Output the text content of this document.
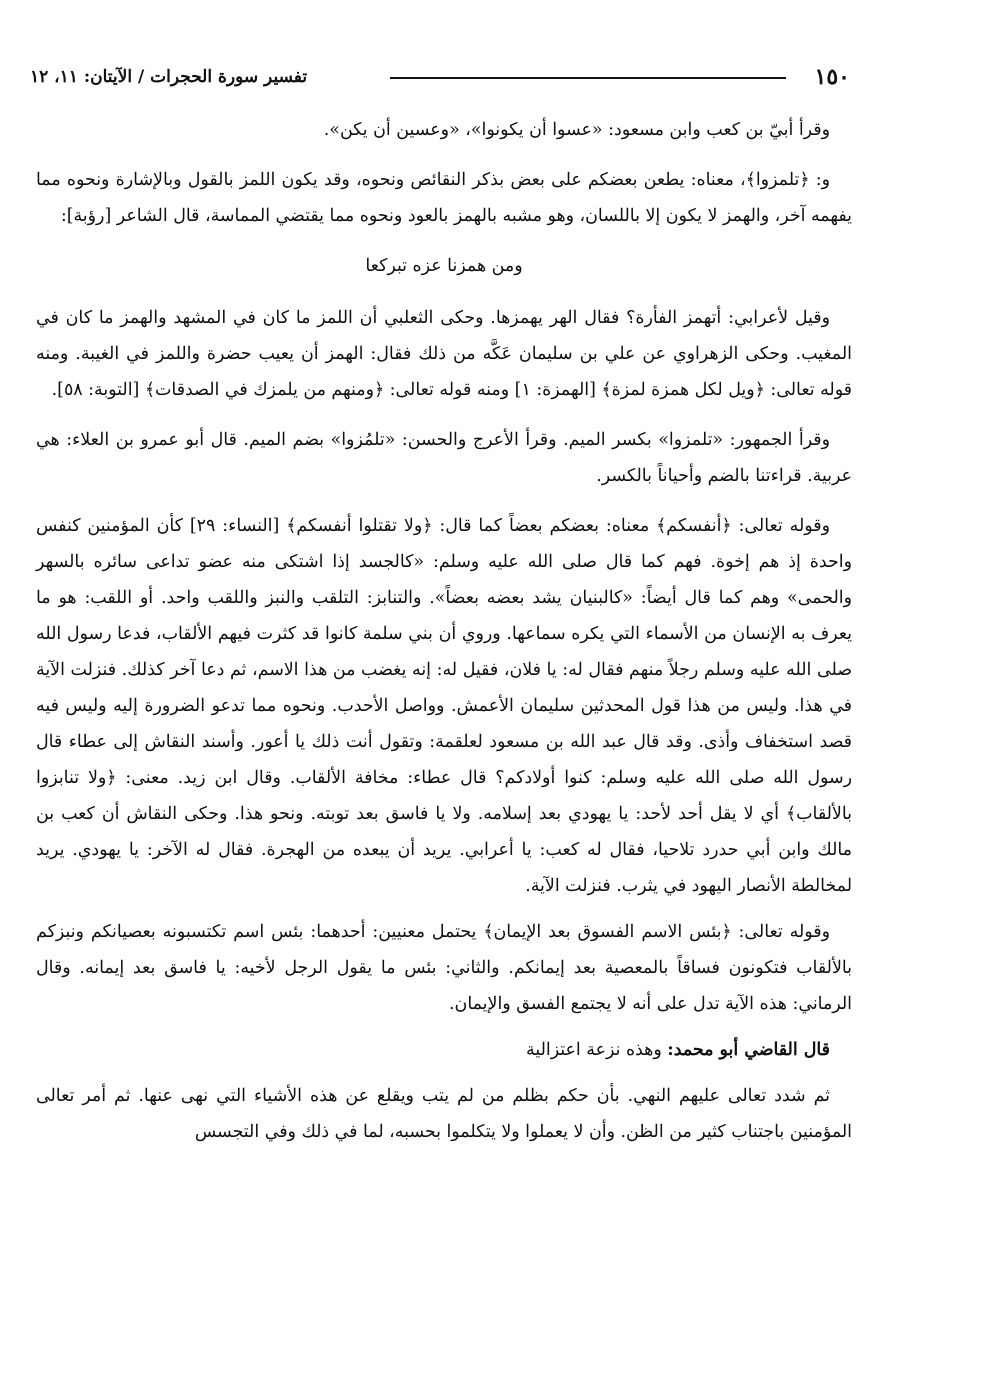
١٥٠
تفسير سورة الحجرات / الآيتان: ١١، ١٢

وقرأ أبيّ بن كعب وابن مسعود: «عسوا أن يكونوا»، «وعسين أن يكن».

و: ﴿تلمزوا﴾، معناه: يطعن بعضكم على بعض بذكر النقائص ونحوه، وقد يكون اللمز بالقول وبالإشارة ونحوه مما يفهمه آخر، والهمز لا يكون إلا باللسان، وهو مشبه بالهمز بالعود ونحوه مما يقتضي المماسة، قال الشاعر [رؤبة]:

ومن همزنا عزه تبركعا

وقيل لأعرابي: أتهمز الفأرة؟ فقال الهر يهمزها. وحكى الثعلبي أن اللمز ما كان في المشهد والهمز ما كان في المغيب. وحكى الزهراوي عن علي بن سليمان عَكَّه من ذلك فقال: الهمز أن يعيب حضرة واللمز في الغيبة. ومنه قوله تعالى: ﴿ويل لكل همزة لمزة﴾ [الهمزة: ١] ومنه قوله تعالى: ﴿ومنهم من يلمزك في الصدقات﴾ [التوبة: ٥٨].

وقرأ الجمهور: «تلمزوا» بكسر الميم. وقرأ الأعرج والحسن: «تلمُزوا» بضم الميم. قال أبو عمرو بن العلاء: هي عربية. قراءتنا بالضم وأحياناً بالكسر.

وقوله تعالى: ﴿أنفسكم﴾ معناه: بعضكم بعضاً كما قال: ﴿ولا تقتلوا أنفسكم﴾ [النساء: ٢٩] كأن المؤمنين كنفس واحدة إذ هم إخوة. فهم كما قال صلى الله عليه وسلم: «كالجسد إذا اشتكى منه عضو تداعى سائره بالسهر والحمى» وهم كما قال أيضاً: «كالبنيان يشد بعضه بعضاً». والتنابز: التلقب والنبز واللقب واحد. أو اللقب: هو ما يعرف به الإنسان من الأسماء التي يكره سماعها. وروي أن بني سلمة كانوا قد كثرت فيهم الألقاب، فدعا رسول الله صلى الله عليه وسلم رجلاً منهم فقال له: يا فلان، فقيل له: إنه يغضب من هذا الاسم، ثم دعا آخر كذلك. فنزلت الآية في هذا. وليس من هذا قول المحدثين سليمان الأعمش. وواصل الأحدب. ونحوه مما تدعو الضرورة إليه وليس فيه قصد استخفاف وأذى. وقد قال عبد الله بن مسعود لعلقمة: وتقول أنت ذلك يا أعور. وأسند النقاش إلى عطاء قال رسول الله صلى الله عليه وسلم: كنوا أولادكم؟ قال عطاء: مخافة الألقاب. وقال ابن زيد. معنى: ﴿ولا تنابزوا بالألقاب﴾ أي لا يقل أحد لأحد: يا يهودي بعد إسلامه. ولا يا فاسق بعد توبته. ونحو هذا. وحكى النقاش أن كعب بن مالك وابن أبي حدرد تلاحيا، فقال له كعب: يا أعرابي. يريد أن يبعده من الهجرة. فقال له الآخر: يا يهودي. يريد لمخالطة الأنصار اليهود في يثرب. فنزلت الآية.

وقوله تعالى: ﴿بئس الاسم الفسوق بعد الإيمان﴾ يحتمل معنيين: أحدهما: بئس اسم تكتسبونه بعصيانكم ونبزكم بالألقاب فتكونون فساقاً بالمعصية بعد إيمانكم. والثاني: بئس ما يقول الرجل لأخيه: يا فاسق بعد إيمانه. وقال الرماني: هذه الآية تدل على أنه لا يجتمع الفسق والإيمان.

قال القاضي أبو محمد: وهذه نزعة اعتزالية

ثم شدد تعالى عليهم النهي. بأن حكم بظلم من لم يتب ويقلع عن هذه الأشياء التي نهى عنها. ثم أمر تعالى المؤمنين باجتناب كثير من الظن. وأن لا يعملوا ولا يتكلموا بحسبه، لما في ذلك وفي التجسس
